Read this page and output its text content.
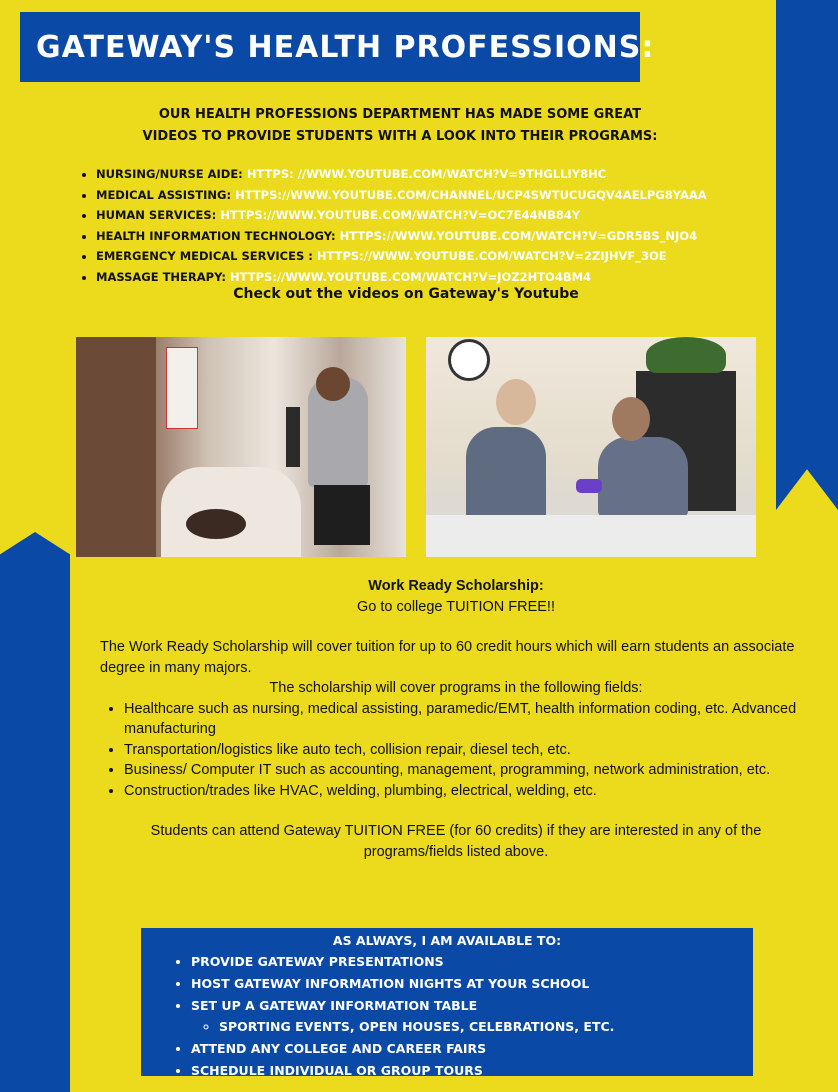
GATEWAY'S HEALTH PROFESSIONS:
OUR HEALTH PROFESSIONS DEPARTMENT HAS MADE SOME GREAT
VIDEOS TO PROVIDE STUDENTS WITH A LOOK INTO THEIR PROGRAMS:
• NURSING/NURSE AIDE: HTTPS: //WWW.YOUTUBE.COM/WATCH?V=9THGLLIY8HC
• MEDICAL ASSISTING: HTTPS://WWW.YOUTUBE.COM/CHANNEL/UCP4SWTUCUGQV4AELPG8YAAA
• HUMAN SERVICES: HTTPS://WWW.YOUTUBE.COM/WATCH?V=OC7E44NB84Y
• HEALTH INFORMATION TECHNOLOGY: HTTPS://WWW.YOUTUBE.COM/WATCH?V=GDR5BS_NJO4
• EMERGENCY MEDICAL SERVICES : HTTPS://WWW.YOUTUBE.COM/WATCH?V=2ZIJHVF_3OE
• MASSAGE THERAPY: HTTPS://WWW.YOUTUBE.COM/WATCH?V=JOZ2HTO4BM4
Check out the videos on Gateway's Youtube

Work Ready Scholarship:

Go to college TUITION FREE!!

The Work Ready Scholarship will cover tuition for up to 60 credit hours which will earn students an associate degree in many majors.

The scholarship will cover programs in the following fields:

• Healthcare such as nursing, medical assisting, paramedic/EMT, health information coding, etc. Advanced manufacturing
• Transportation/logistics like auto tech, collision repair, diesel tech, etc.
• Business/ Computer IT such as accounting, management, programming, network administration, etc.
• Construction/trades like HVAC, welding, plumbing, electrical, welding, etc.

Students can attend Gateway TUITION FREE (for 60 credits) if they are interested in any of the programs/fields listed above.

AS ALWAYS, I AM AVAILABLE TO:
• PROVIDE GATEWAY PRESENTATIONS
• HOST GATEWAY INFORMATION NIGHTS AT YOUR SCHOOL
• SET UP A GATEWAY INFORMATION TABLE
◦ SPORTING EVENTS, OPEN HOUSES, CELEBRATIONS, ETC.
• ATTEND ANY COLLEGE AND CAREER FAIRS
• SCHEDULE INDIVIDUAL OR GROUP TOURS
